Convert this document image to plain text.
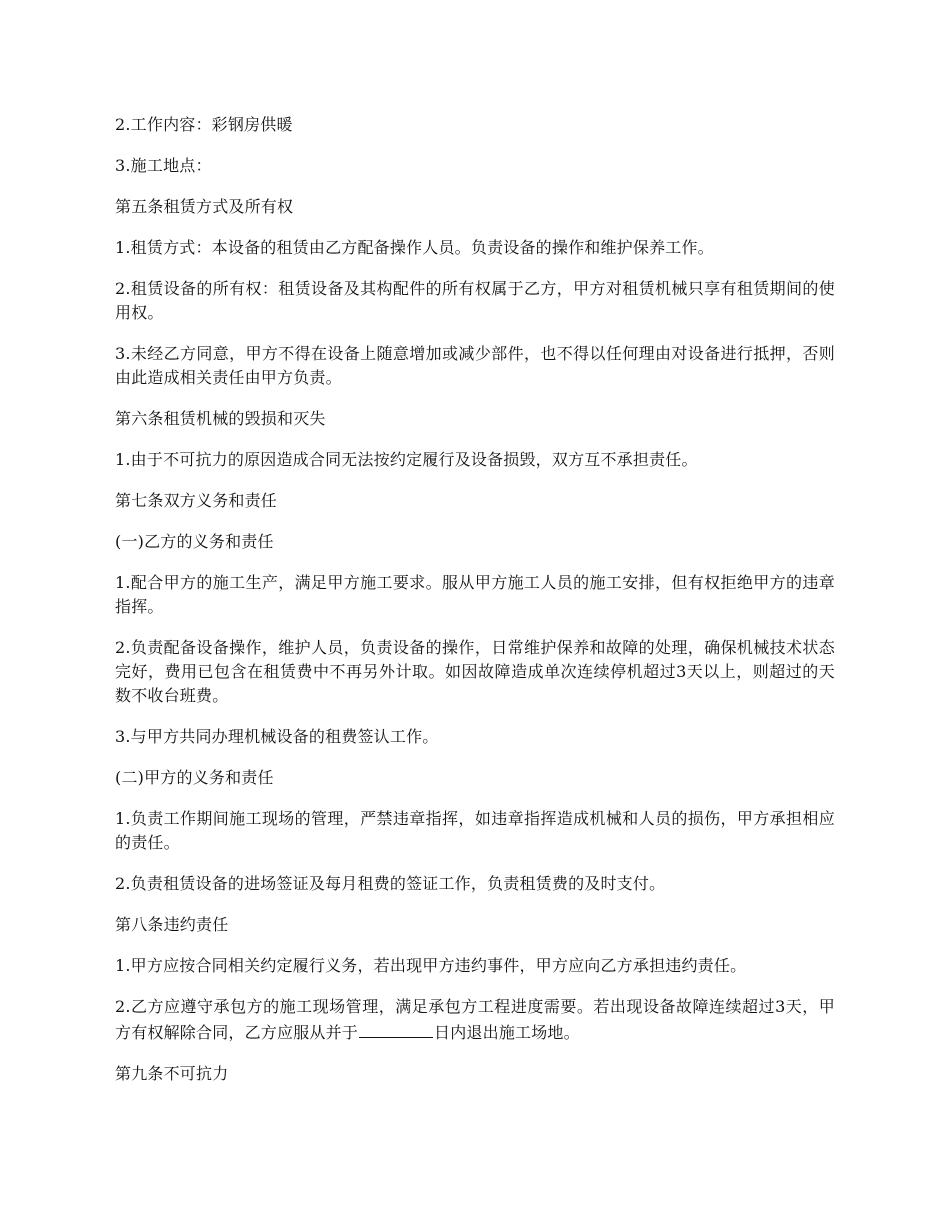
2.工作内容：彩钢房供暖

3.施工地点：

第五条租赁方式及所有权

1.租赁方式：本设备的租赁由乙方配备操作人员。负责设备的操作和维护保养工作。

2.租赁设备的所有权：租赁设备及其构配件的所有权属于乙方，甲方对租赁机械只享有租赁期间的使用权。

3.未经乙方同意，甲方不得在设备上随意增加或减少部件，也不得以任何理由对设备进行抵押，否则由此造成相关责任由甲方负责。

第六条租赁机械的毁损和灭失

1.由于不可抗力的原因造成合同无法按约定履行及设备损毁，双方互不承担责任。

第七条双方义务和责任

(一)乙方的义务和责任

1.配合甲方的施工生产，满足甲方施工要求。服从甲方施工人员的施工安排，但有权拒绝甲方的违章指挥。

2.负责配备设备操作，维护人员，负责设备的操作，日常维护保养和故障的处理，确保机械技术状态完好，费用已包含在租赁费中不再另外计取。如因故障造成单次连续停机超过3天以上，则超过的天数不收台班费。

3.与甲方共同办理机械设备的租费签认工作。

(二)甲方的义务和责任

1.负责工作期间施工现场的管理，严禁违章指挥，如违章指挥造成机械和人员的损伤，甲方承担相应的责任。

2.负责租赁设备的进场签证及每月租费的签证工作，负责租赁费的及时支付。

第八条违约责任

1.甲方应按合同相关约定履行义务，若出现甲方违约事件，甲方应向乙方承担违约责任。

2.乙方应遵守承包方的施工现场管理，满足承包方工程进度需要。若出现设备故障连续超过3天，甲方有权解除合同，乙方应服从并于	日内退出施工场地。

第九条不可抗力
